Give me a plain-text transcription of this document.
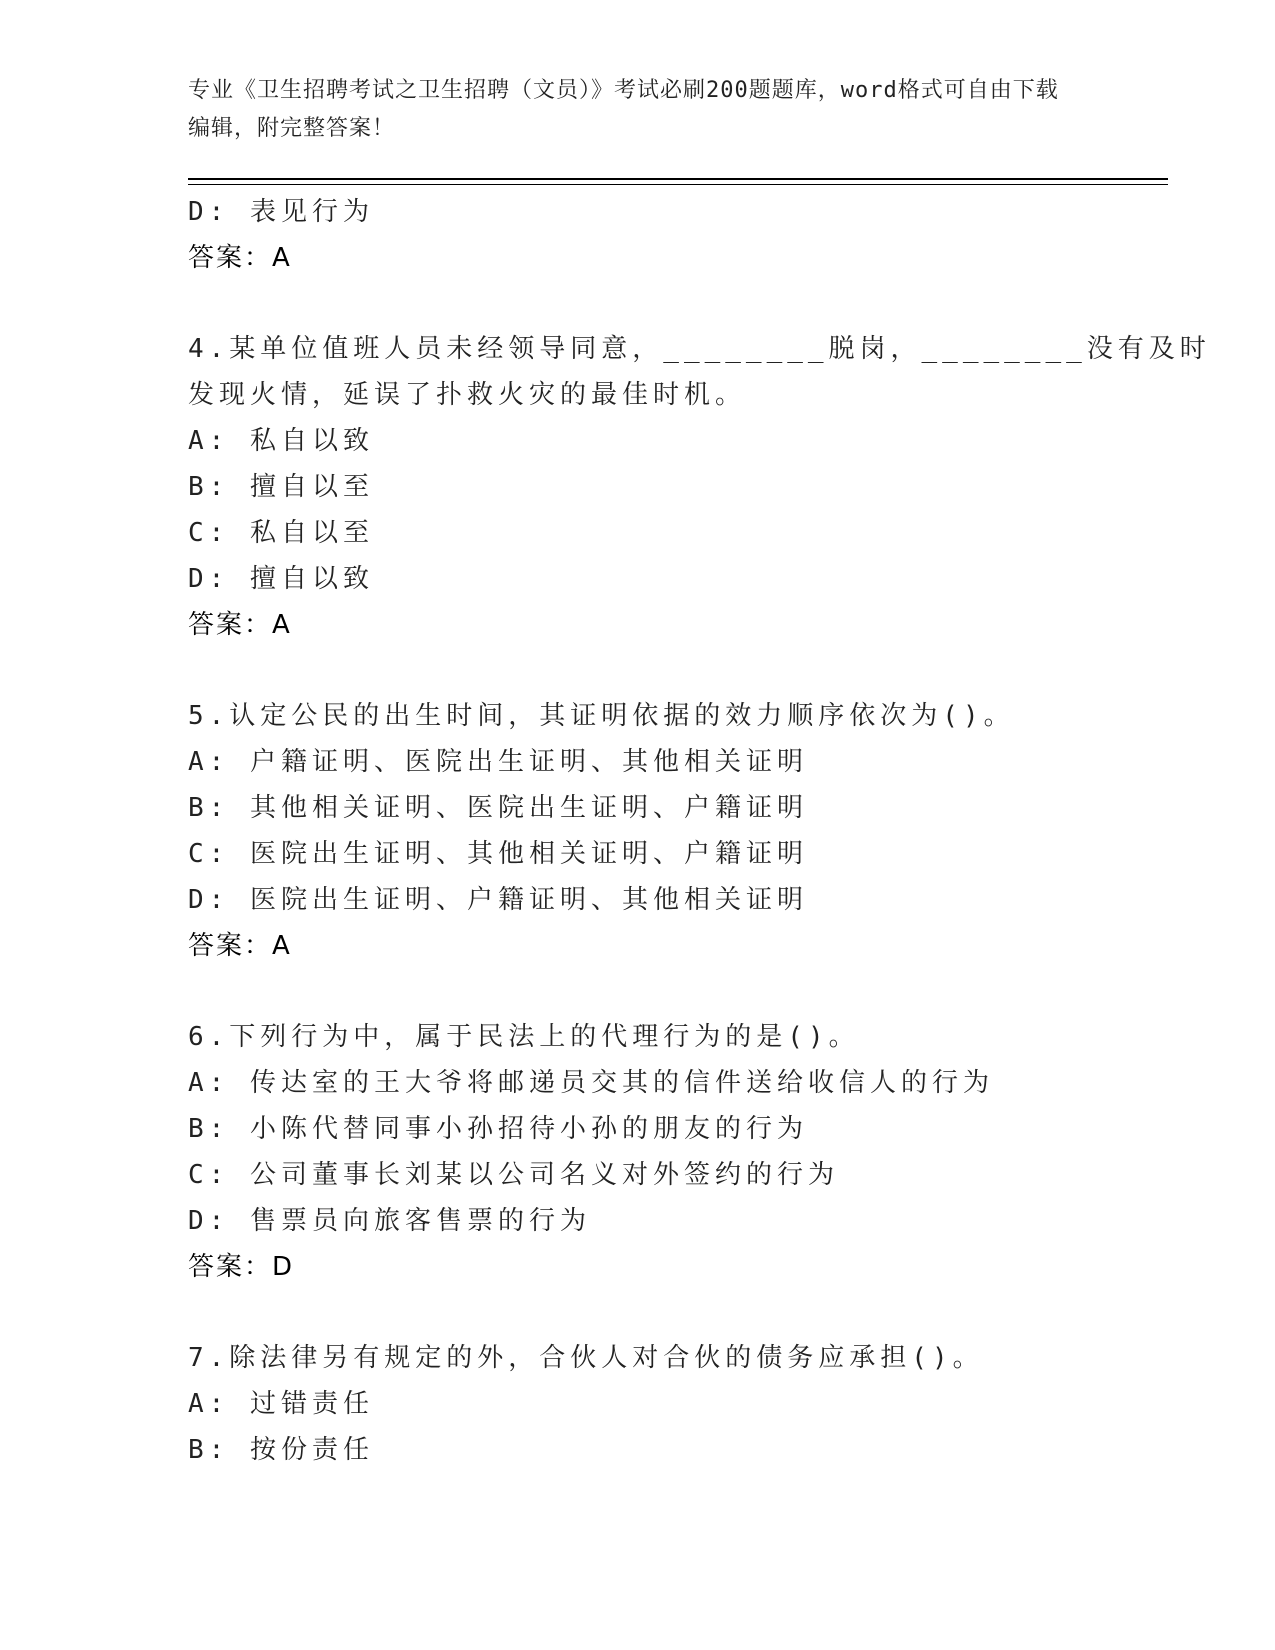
专业《卫生招聘考试之卫生招聘（文员）》考试必刷200题题库，word格式可自由下载编辑，附完整答案！
D: 表见行为
答案：A
4.某单位值班人员未经领导同意，________脱岗，________没有及时
发现火情，延误了扑救火灾的最佳时机。
A: 私自以致
B: 擅自以至
C: 私自以至
D: 擅自以致
答案：A
5.认定公民的出生时间，其证明依据的效力顺序依次为()。
A: 户籍证明、医院出生证明、其他相关证明
B: 其他相关证明、医院出生证明、户籍证明
C: 医院出生证明、其他相关证明、户籍证明
D: 医院出生证明、户籍证明、其他相关证明
答案：A
6.下列行为中，属于民法上的代理行为的是()。
A: 传达室的王大爷将邮递员交其的信件送给收信人的行为
B: 小陈代替同事小孙招待小孙的朋友的行为
C: 公司董事长刘某以公司名义对外签约的行为
D: 售票员向旅客售票的行为
答案：D
7.除法律另有规定的外，合伙人对合伙的债务应承担()。
A: 过错责任
B: 按份责任
